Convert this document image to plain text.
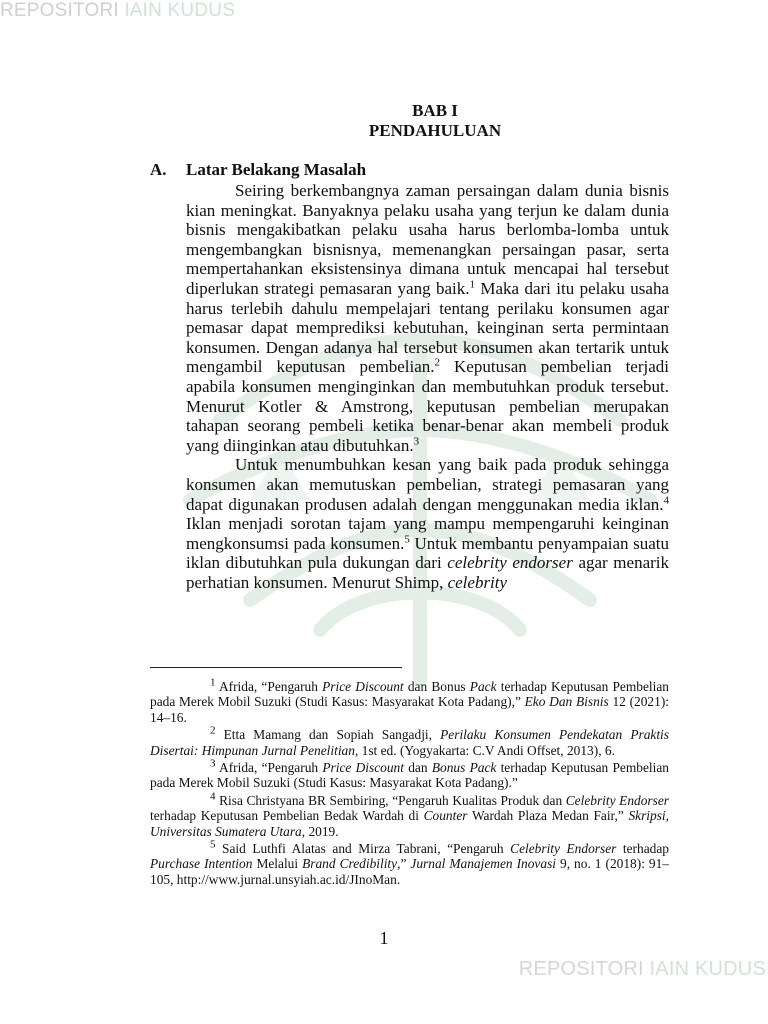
REPOSITORI IAIN KUDUS
BAB I
PENDAHULUAN
A. Latar Belakang Masalah

Seiring berkembangnya zaman persaingan dalam dunia bisnis kian meningkat. Banyaknya pelaku usaha yang terjun ke dalam dunia bisnis mengakibatkan pelaku usaha harus berlomba-lomba untuk mengembangkan bisnisnya, memenangkan persaingan pasar, serta mempertahankan eksistensinya dimana untuk mencapai hal tersebut diperlukan strategi pemasaran yang baik.$^1$ Maka dari itu pelaku usaha harus terlebih dahulu mempelajari tentang perilaku konsumen agar pemasar dapat memprediksi kebutuhan, keinginan serta permintaan konsumen. Dengan adanya hal tersebut konsumen akan tertarik untuk mengambil keputusan pembelian.$^2$ Keputusan pembelian terjadi apabila konsumen menginginkan dan membutuhkan produk tersebut. Menurut Kotler & Amstrong, keputusan pembelian merupakan tahapan seorang pembeli ketika benar-benar akan membeli produk yang diinginkan atau dibutuhkan.$^3$

Untuk menumbuhkan kesan yang baik pada produk sehingga konsumen akan memutuskan pembelian, strategi pemasaran yang dapat digunakan produsen adalah dengan menggunakan media iklan.$^4$ Iklan menjadi sorotan tajam yang mampu mempengaruhi keinginan mengkonsumsi pada konsumen.$^5$ Untuk membantu penyampaian suatu iklan dibutuhkan pula dukungan dari celebrity endorser agar menarik perhatian konsumen. Menurut Shimp, celebrity

$^1$ Afrida, “Pengaruh Price Discount dan Bonus Pack terhadap Keputusan Pembelian pada Merek Mobil Suzuki (Studi Kasus: Masyarakat Kota Padang),” Eko Dan Bisnis 12 (2021): 14–16.

$^2$ Etta Mamang dan Sopiah Sangadji, Perilaku Konsumen Pendekatan Praktis Disertai: Himpunan Jurnal Penelitian, 1st ed. (Yogyakarta: C.V Andi Offset, 2013), 6.

$^3$ Afrida, “Pengaruh Price Discount dan Bonus Pack terhadap Keputusan Pembelian pada Merek Mobil Suzuki (Studi Kasus: Masyarakat Kota Padang).”

$^4$ Risa Christyana BR Sembiring, “Pengaruh Kualitas Produk dan Celebrity Endorser terhadap Keputusan Pembelian Bedak Wardah di Counter Wardah Plaza Medan Fair,” Skripsi, Universitas Sumatera Utara, 2019.

$^5$ Said Luthfi Alatas and Mirza Tabrani, “Pengaruh Celebrity Endorser terhadap Purchase Intention Melalui Brand Credibility,” Jurnal Manajemen Inovasi 9, no. 1 (2018): 91–105, http://www.jurnal.unsyiah.ac.id/JInoMan.

1
REPOSITORI IAIN KUDUS
